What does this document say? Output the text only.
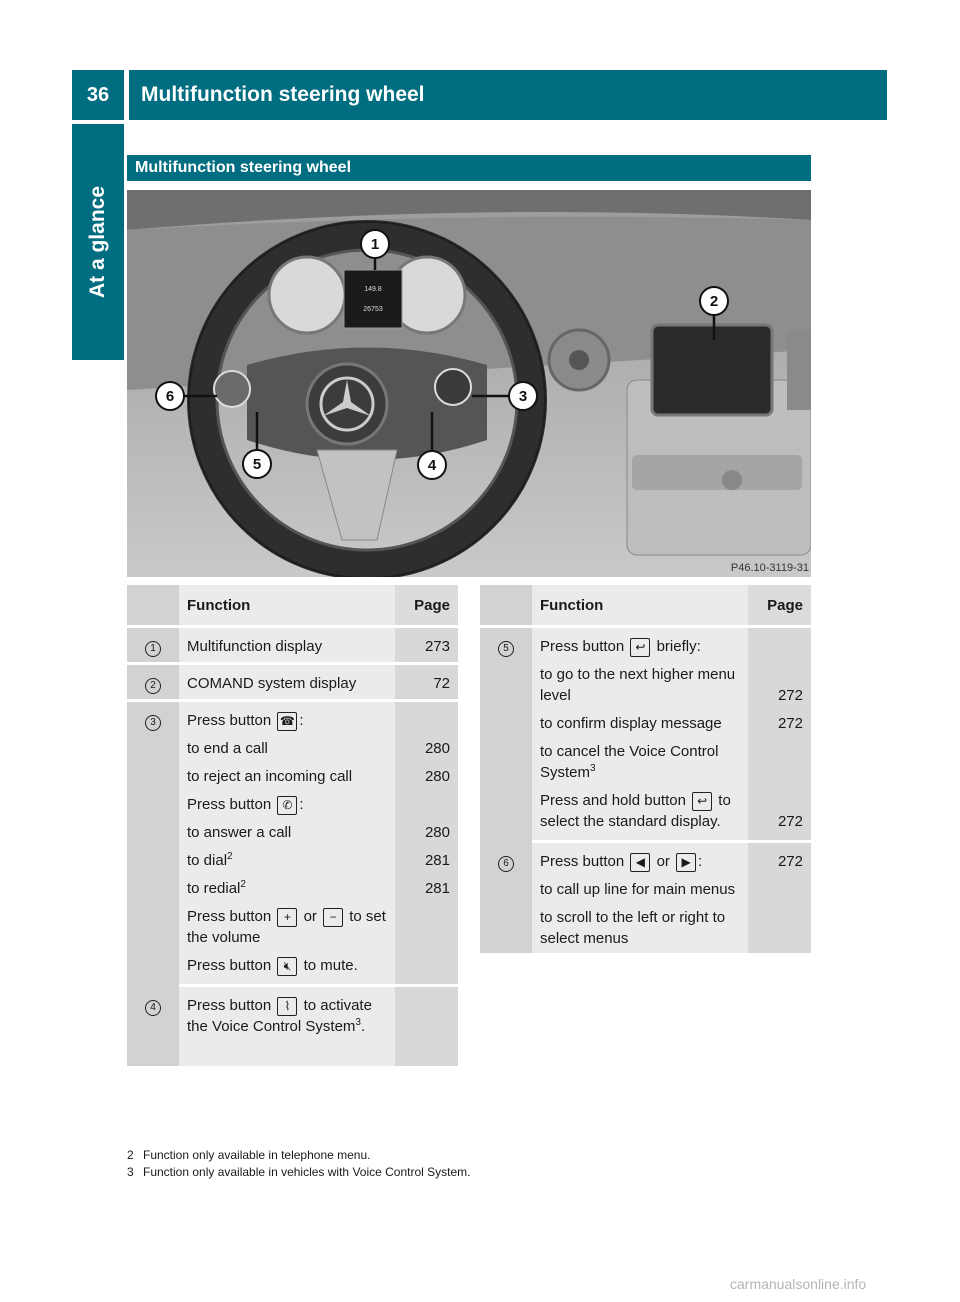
36	Multifunction steering wheel
At a glance
Multifunction steering wheel
149.8
26753
1
2
3
4
5
6
P46.10-3119-31
	Function	Page
1	Multifunction display	273
2	COMAND system display	72
3	Press button ☎ :	
	to end a call	280
	to reject an incoming call	280
	Press button ✆ :	
	to answer a call	280
	to dial$^2$	281
	to redial$^2$	281
	Press button + or − to set the volume	
	Press button 🔇︎ to mute.	
4	Press button ⌇ to activate the Voice Control System$^3$.	
	Function	Page
5	Press button ↩ briefly:	
	to go to the next higher menu level	272
	to confirm display message	272
	to cancel the Voice Control System$^3$	
	Press and hold button ↩ to select the standard display.	272
6	Press button ◀ or ▶ :	272
	to call up line for main menus	
	to scroll to the left or right to select menus	
2 Function only available in telephone menu.
3 Function only available in vehicles with Voice Control System.
carmanualsonline.info
